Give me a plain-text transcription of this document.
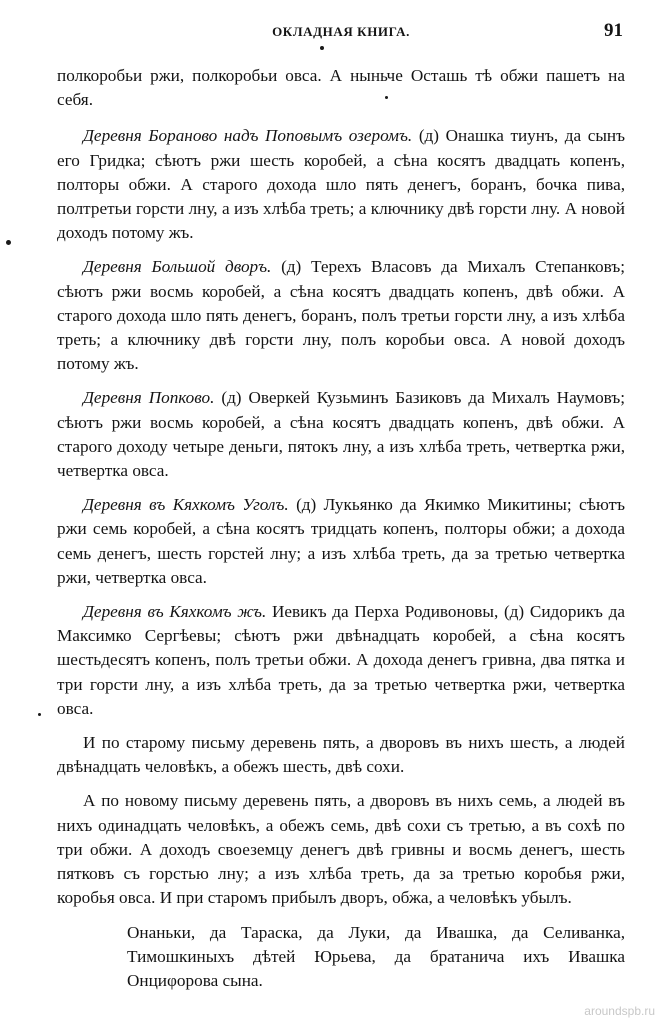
ОКЛАДНАЯ КНИГА.	91

полкоробьи ржи, полкоробьи овса. А ныньче Осташь тѣ обжи пашетъ на себя.

Деревня Бораново надъ Поповымъ озеромъ. (д) Онашка тиунъ, да сынъ его Гридка; сѣютъ ржи шесть коробей, а сѣна косятъ двадцать копенъ, полторы обжи. А старого дохода шло пять денегъ, боранъ, бочка пива, полтретьи горсти лну, а изъ хлѣба треть; а ключнику двѣ горсти лну. А новой доходъ потому жъ.

Деревня Большой дворъ. (д) Терехъ Власовъ да Михалъ Степанковъ; сѣютъ ржи восмь коробей, а сѣна косятъ двадцать копенъ, двѣ обжи. А старого дохода шло пять денегъ, боранъ, полъ третьи горсти лну, а изъ хлѣба треть; а ключнику двѣ горсти лну, полъ коробьи овса. А новой доходъ потому жъ.

Деревня Попково. (д) Оверкей Кузьминъ Базиковъ да Михалъ Наумовъ; сѣютъ ржи восмь коробей, а сѣна косятъ двадцать копенъ, двѣ обжи. А старого доходу четыре деньги, пятокъ лну, а изъ хлѣба треть, четвертка ржи, четвертка овса.

Деревня въ Кяхкомъ Уголъ. (д) Лукьянко да Якимко Микитины; сѣютъ ржи семь коробей, а сѣна косятъ тридцать копенъ, полторы обжи; а дохода семь денегъ, шесть горстей лну; а изъ хлѣба треть, да за третью четвертка ржи, четвертка овса.

Деревня въ Кяхкомъ жъ. Иевикъ да Перха Родивоновы, (д) Сидорикъ да Максимко Сергѣевы; сѣютъ ржи двѣнадцать коробей, а сѣна косятъ шестьдесятъ копенъ, полъ третьи обжи. А дохода денегъ гривна, два пятка и три горсти лну, а изъ хлѣба треть, да за третью четвертка ржи, четвертка овса.

И по старому письму деревень пять, а дворовъ въ нихъ шесть, а людей двѣнадцать человѣкъ, а обежъ шесть, двѣ сохи.

А по новому письму деревень пять, а дворовъ въ нихъ семь, а людей въ нихъ одинадцать человѣкъ, а обежъ семь, двѣ сохи съ третью, а въ сохѣ по три обжи. А доходъ своеземцу денегъ двѣ гривны и восмь денегъ, шесть пятковъ съ горстью лну; а изъ хлѣба треть, да за третью коробья ржи, коробья овса. И при старомъ прибылъ дворъ, обжа, а человѣкъ убылъ.

Онаньки, да Тараска, да Луки, да Ивашка, да Селиванка, Тимошкиныхъ дѣтей Юрьева, да братанича ихъ Ивашка Онциφорова сына.

aroundspb.ru
